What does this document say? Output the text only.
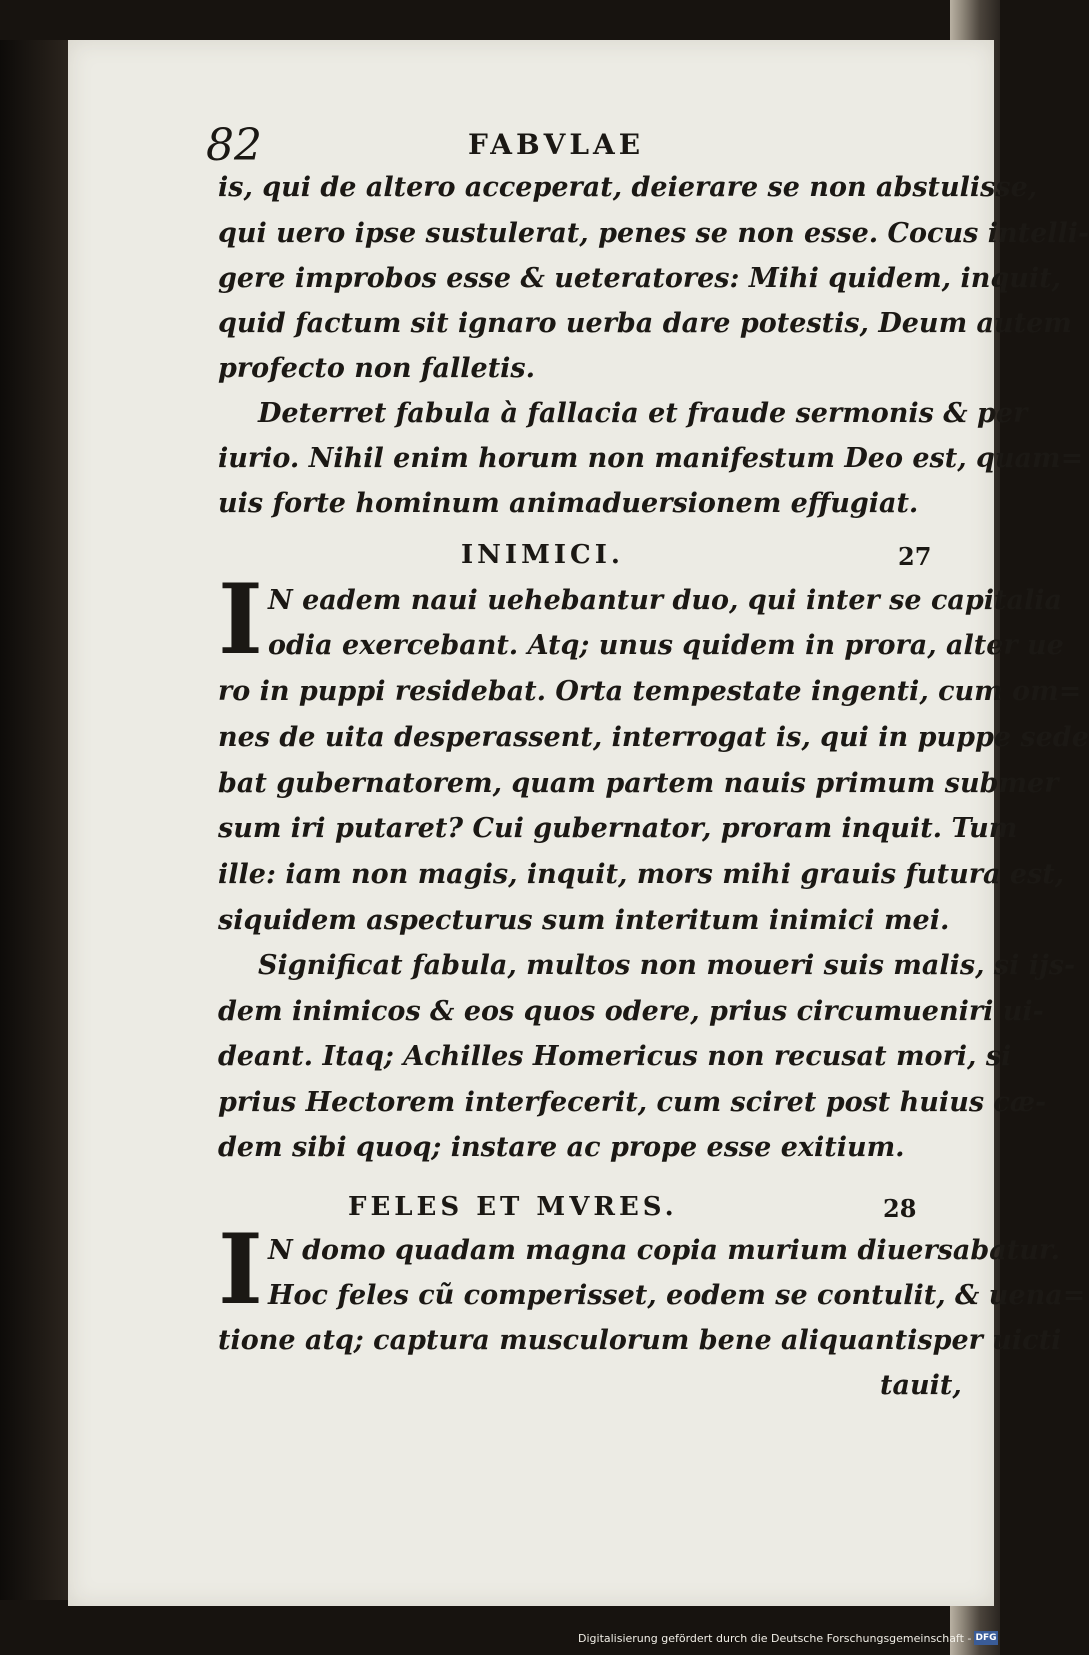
82	FABVLAE
is, qui de altero acceperat, deierare se non abstulisse,
qui uero ipse sustulerat, penes se non esse. Cocus intelli-
gere improbos esse & ueteratores: Mihi quidem, inquit,
quid factum sit ignaro uerba dare potestis, Deum autem
profecto non falletis.
Deterret fabula à fallacia et fraude sermonis & per
iurio. Nihil enim horum non manifestum Deo est, quam=
uis forte hominum animaduersionem effugiat.
INIMICI.	27
I N eadem naui uehebantur duo, qui inter se capitalia
odia exercebant. Atq; unus quidem in prora, alter ue
ro in puppi residebat. Orta tempestate ingenti, cum om=
nes de uita desperassent, interrogat is, qui in puppe sede
bat gubernatorem, quam partem nauis primum submer
sum iri putaret? Cui gubernator, proram inquit. Tum
ille: iam non magis, inquit, mors mihi grauis futura est,
siquidem aspecturus sum interitum inimici mei.
Significat fabula, multos non moueri suis malis, si ijs-
dem inimicos & eos quos odere, prius circumueniri ui-
deant. Itaq; Achilles Homericus non recusat mori, si
prius Hectorem interfecerit, cum sciret post huius cæ-
dem sibi quoq; instare ac prope esse exitium.
FELES ET MVRES.	28
I N domo quadam magna copia murium diuersabatur.
Hoc feles cũ comperisset, eodem se contulit, & uena=
tione atq; captura musculorum bene aliquantisper uicti
tauit,
Digitalisierung gefördert durch die Deutsche Forschungsgemeinschaft - DFG
